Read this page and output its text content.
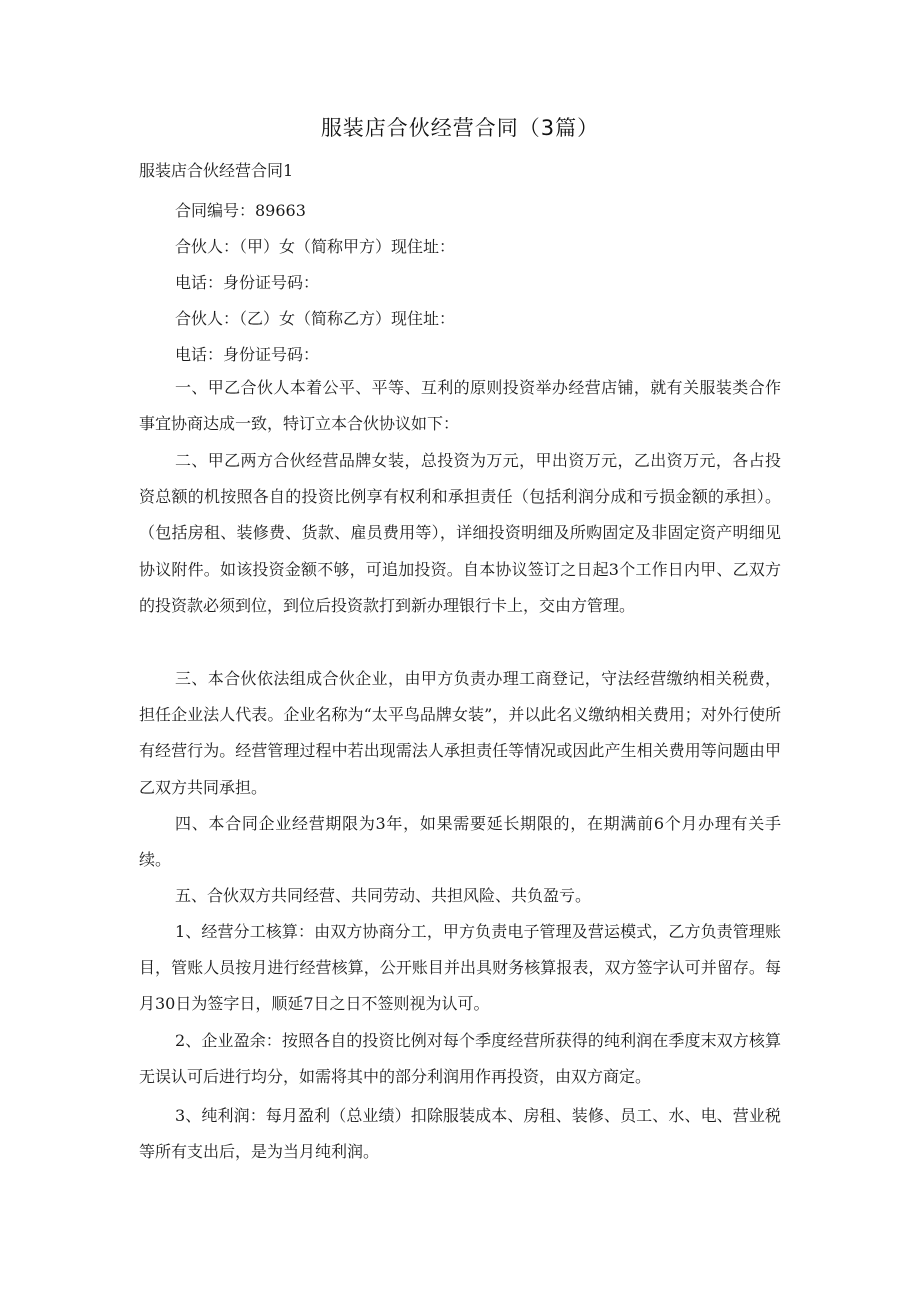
服装店合伙经营合同（3篇）
服装店合伙经营合同1
合同编号：89663
合伙人：（甲）女（简称甲方）现住址：
电话：身份证号码：
合伙人：（乙）女（简称乙方）现住址：
电话：身份证号码：

一、甲乙合伙人本着公平、平等、互利的原则投资举办经营店铺，就有关服装类合作事宜协商达成一致，特订立本合伙协议如下：

二、甲乙两方合伙经营品牌女装，总投资为万元，甲出资万元，乙出资万元，各占投资总额的机按照各自的投资比例享有权利和承担责任（包括利润分成和亏损金额的承担）。（包括房租、装修费、货款、雇员费用等），详细投资明细及所购固定及非固定资产明细见协议附件。如该投资金额不够，可追加投资。自本协议签订之日起3个工作日内甲、乙双方的投资款必须到位，到位后投资款打到新办理银行卡上，交由方管理。

三、本合伙依法组成合伙企业，由甲方负责办理工商登记，守法经营缴纳相关税费，担任企业法人代表。企业名称为“太平鸟品牌女装”，并以此名义缴纳相关费用；对外行使所有经营行为。经营管理过程中若出现需法人承担责任等情况或因此产生相关费用等问题由甲乙双方共同承担。

四、本合同企业经营期限为3年，如果需要延长期限的，在期满前6个月办理有关手续。

五、合伙双方共同经营、共同劳动、共担风险、共负盈亏。

1、经营分工核算：由双方协商分工，甲方负责电子管理及营运模式，乙方负责管理账目，管账人员按月进行经营核算，公开账目并出具财务核算报表，双方签字认可并留存。每月30日为签字日，顺延7日之日不签则视为认可。

2、企业盈余：按照各自的投资比例对每个季度经营所获得的纯利润在季度末双方核算无误认可后进行均分，如需将其中的部分利润用作再投资，由双方商定。

3、纯利润：每月盈利（总业绩）扣除服装成本、房租、装修、员工、水、电、营业税等所有支出后，是为当月纯利润。
